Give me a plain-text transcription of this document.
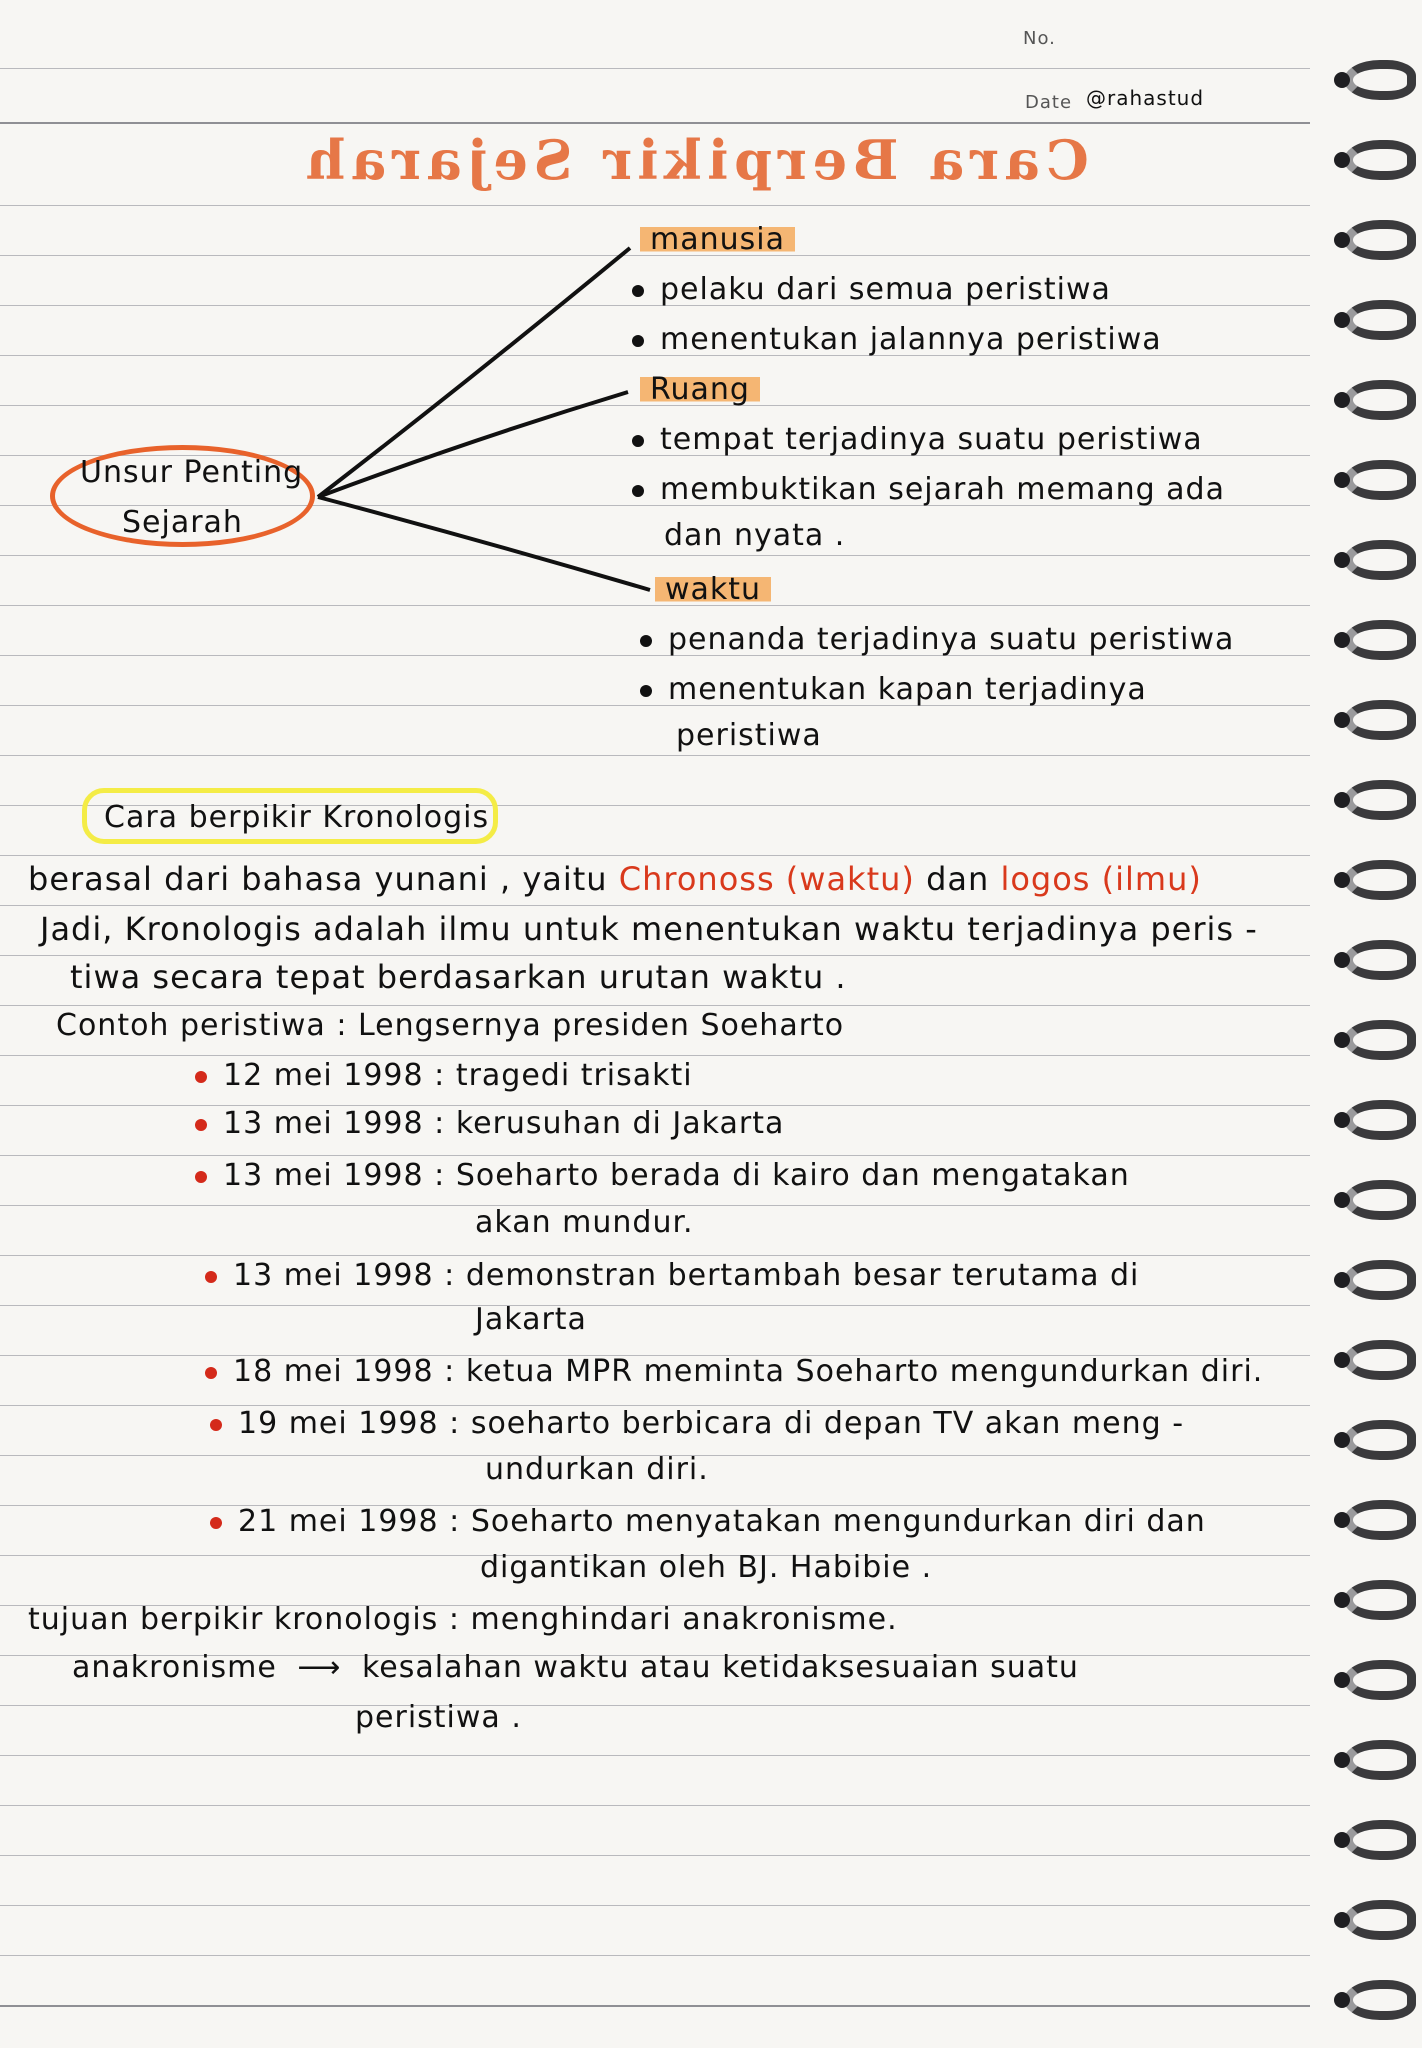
No.
Date @rahastud
Cara Berpikir Sejarah
Unsur Penting
Sejarah
manusia
pelaku dari semua peristiwa
menentukan jalannya peristiwa
Ruang
tempat terjadinya suatu peristiwa
membuktikan sejarah memang ada
dan nyata .
waktu
penanda terjadinya suatu peristiwa
menentukan kapan terjadinya
peristiwa
Cara berpikir Kronologis
berasal dari bahasa yunani , yaitu Chronoss (waktu) dan logos (ilmu)
Jadi, Kronologis adalah ilmu untuk menentukan waktu terjadinya peris -
tiwa secara tepat berdasarkan urutan waktu .
Contoh peristiwa : Lengsernya presiden Soeharto
12 mei 1998 : tragedi trisakti
13 mei 1998 : kerusuhan di Jakarta
13 mei 1998 : Soeharto berada di kairo dan mengatakan
akan mundur.
13 mei 1998 : demonstran bertambah besar terutama di
Jakarta
18 mei 1998 : ketua MPR meminta Soeharto mengundurkan diri.
19 mei 1998 : soeharto berbicara di depan TV akan meng -
undurkan diri.
21 mei 1998 : Soeharto menyatakan mengundurkan diri dan
digantikan oleh BJ. Habibie .
tujuan berpikir kronologis : menghindari anakronisme.
anakronisme ⟶ kesalahan waktu atau ketidaksesuaian suatu
peristiwa .
